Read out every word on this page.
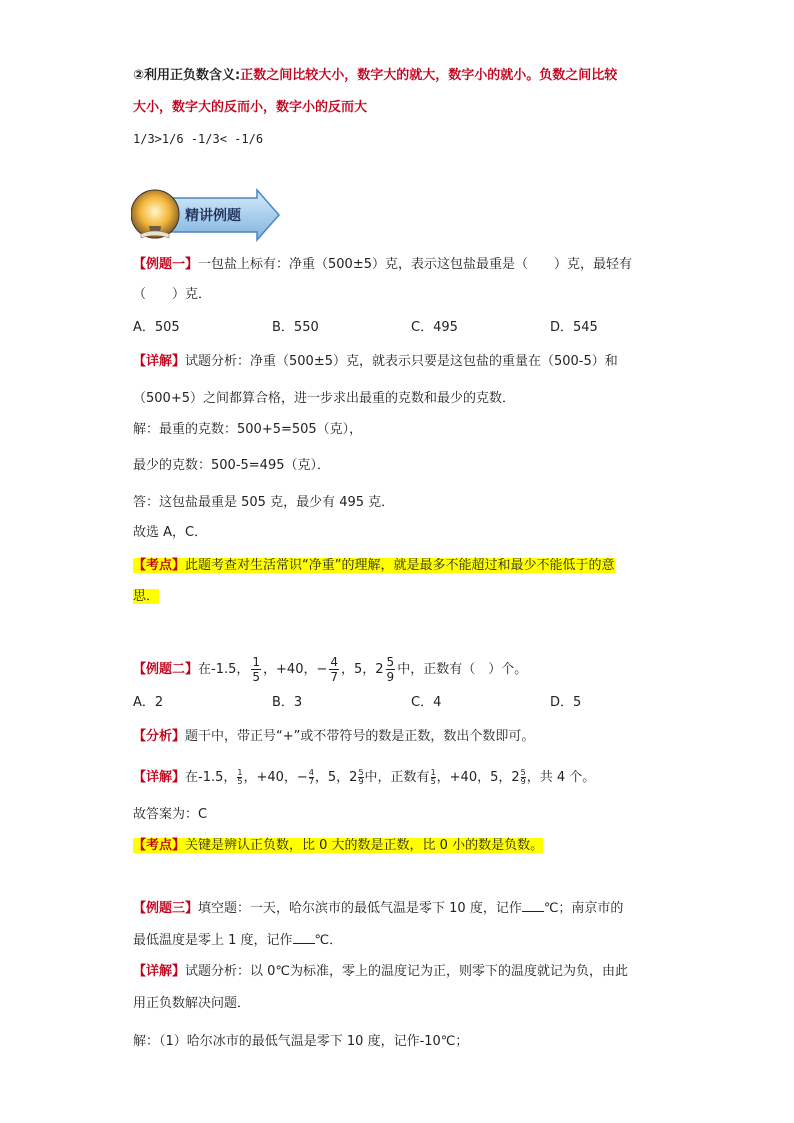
②利用正负数含义:正数之间比较大小，数字大的就大，数字小的就小。负数之间比较
大小，数字大的反而小，数字小的反而大
1/3>1/6 -1/3< -1/6
精讲例题
【例题一】一包盐上标有：净重（500±5）克，表示这包盐最重是（　　）克，最轻有
（　　）克．
A．505	B．550	C．495	D．545
【详解】试题分析：净重（500±5）克，就表示只要是这包盐的重量在（500-5）和
（500+5）之间都算合格，进一步求出最重的克数和最少的克数．
解：最重的克数：500+5=505（克），
最少的克数：500-5=495（克）．
答：这包盐最重是 505 克，最少有 495 克．
故选 A，C．
【考点】此题考查对生活常识“净重”的理解，就是最多不能超过和最少不能低于的意
思．
【例题二】在-1.5， $\frac{1}{5}$ ，+40，− $\frac{4}{7}$ ，5，$2 \frac{5}{9}$ 中，正数有（　）个。
A．2	B．3	C．4	D．5
【分析】题干中，带正号“+”或不带符号的数是正数，数出个数即可。
【详解】在-1.5， $\frac{1}{5}$ ，+40，− $\frac{4}{7}$ ，5，$2 \frac{5}{9}$ 中，正数有 $\frac{1}{5}$ ，+40，5，$2 \frac{5}{9}$ ，共 4 个。
故答案为：C
【考点】关键是辨认正负数，比 0 大的数是正数，比 0 小的数是负数。
【例题三】填空题：一天，哈尔滨市的最低气温是零下 10 度，记作 ℃；南京市的
最低温度是零上 1 度，记作 ℃．
【详解】试题分析：以 0℃为标准，零上的温度记为正，则零下的温度就记为负，由此
用正负数解决问题．
解：（1）哈尔冰市的最低气温是零下 10 度，记作-10℃；
